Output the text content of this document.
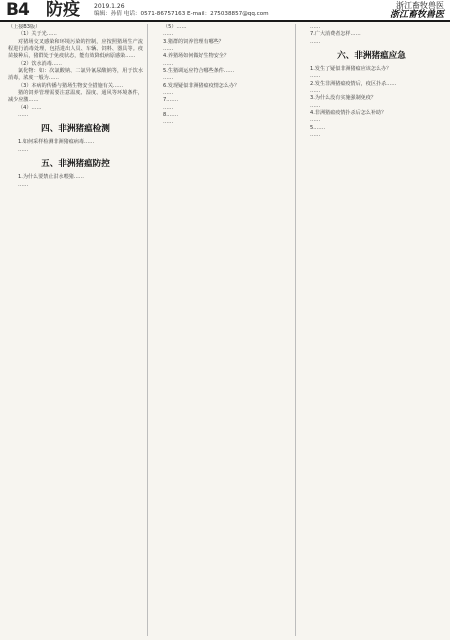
B4 防疫 2019.1.26
编辑：孙倩 电话：0571-86757163 E-mail：275038857@qq.com
浙江畜牧兽医
浙江畜牧兽医

（上接B3版）

（1）关于光……

对猪场交叉感染和环境污染的控制，应按照猪场生产流程进行消毒处理，包括进出人员、车辆、饲料、器具等。疫苗接种后，猪群处于免疫状态，能有效降低病原感染……

（2）饮水消毒……

氯化物：如：次氯酸钠、二氯异氰尿酸钠等，用于饮水消毒，浓度一般为……

（3）本病的传播与猪场生物安全措施有关……

猪的饲养管理需要注意温度、湿度、通风等环境条件，减少应激……

（4）……

……

四、非洲猪瘟检测

1.如何采样检测非洲猪瘟病毒……

……

五、非洲猪瘟防控

1.为什么要禁止泔水喂猪……

……

（5）……

……

3.猪群的饲养管理有哪些？

……

4.养猪场如何做好生物安全？

……

5.生猪调运应符合哪些条件……

……

6.发现疑似非洲猪瘟疫情怎么办？

……

7.……

……

8.……

……

……

7.广大消费者怎样……

……

六、非洲猪瘟应急

1.发生了疑似非洲猪瘟应该怎么办？

……

2.发生非洲猪瘟疫情后，疫区扑杀……

……

3.为什么没有实施强制免疫？

……

4.非洲猪瘟疫情扑杀后怎么补助？

……

5.……

……
